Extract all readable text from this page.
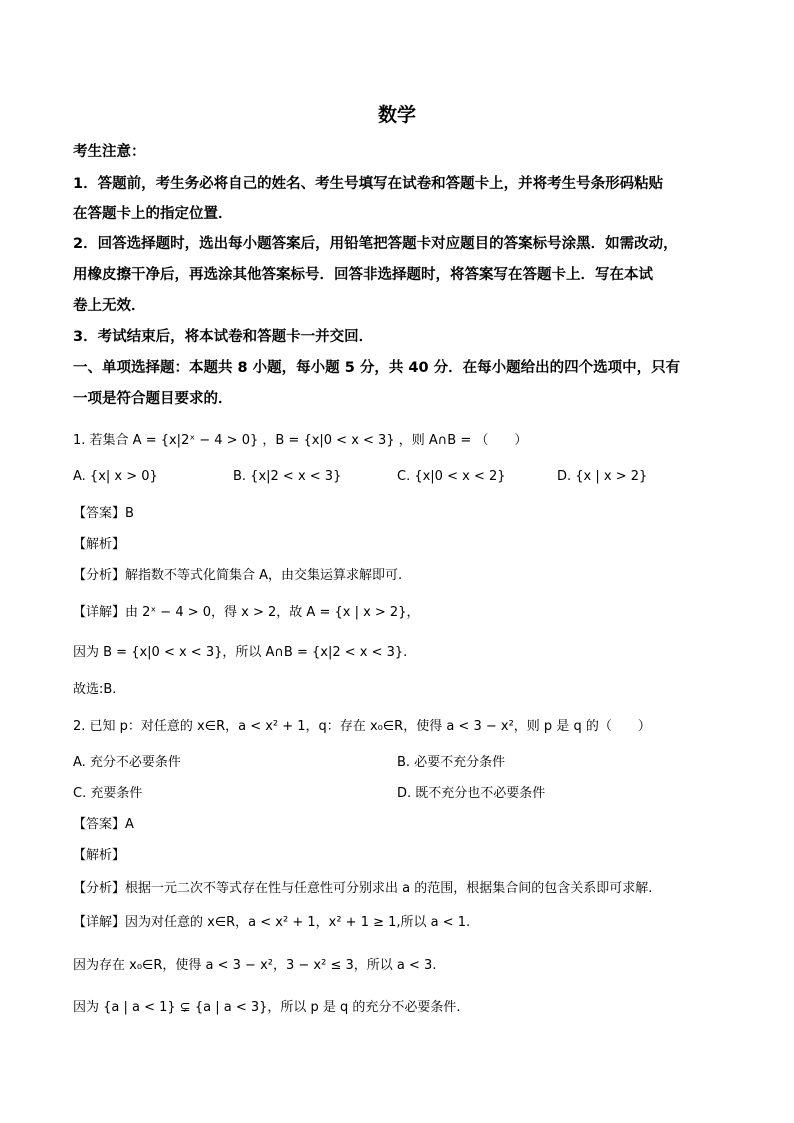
数学
考生注意：
1．答题前，考生务必将自己的姓名、考生号填写在试卷和答题卡上，并将考生号条形码粘贴
在答题卡上的指定位置．
2．回答选择题时，选出每小题答案后，用铅笔把答题卡对应题目的答案标号涂黑．如需改动，
用橡皮擦干净后，再选涂其他答案标号．回答非选择题时，将答案写在答题卡上．写在本试
卷上无效．
3．考试结束后，将本试卷和答题卡一并交回．
一、单项选择题：本题共 8 小题，每小题 5 分，共 40 分．在每小题给出的四个选项中，只有
一项是符合题目要求的．
1. 若集合 A = {x|2ˣ − 4 > 0} ，B = {x|0 < x < 3} ，则 A∩B = （　　）
A. {x| x > 0}	B. {x|2 < x < 3}	C. {x|0 < x < 2}	D. {x | x > 2}
【答案】B
【解析】
【分析】解指数不等式化简集合 A，由交集运算求解即可.
【详解】由 2ˣ − 4 > 0，得 x > 2，故 A = {x | x > 2}，
因为 B = {x|0 < x < 3}，所以 A∩B = {x|2 < x < 3}.
故选:B.
2. 已知 p：对任意的 x∈R，a < x² + 1，q：存在 x₀∈R，使得 a < 3 − x²，则 p 是 q 的（　　）
A. 充分不必要条件	B. 必要不充分条件
C. 充要条件	D. 既不充分也不必要条件
【答案】A
【解析】
【分析】根据一元二次不等式存在性与任意性可分别求出 a 的范围，根据集合间的包含关系即可求解.
【详解】因为对任意的 x∈R，a < x² + 1，x² + 1 ≥ 1,所以 a < 1.
因为存在 x₀∈R，使得 a < 3 − x²，3 − x² ≤ 3，所以 a < 3.
因为 {a | a < 1} ⊊ {a | a < 3}，所以 p 是 q 的充分不必要条件.
